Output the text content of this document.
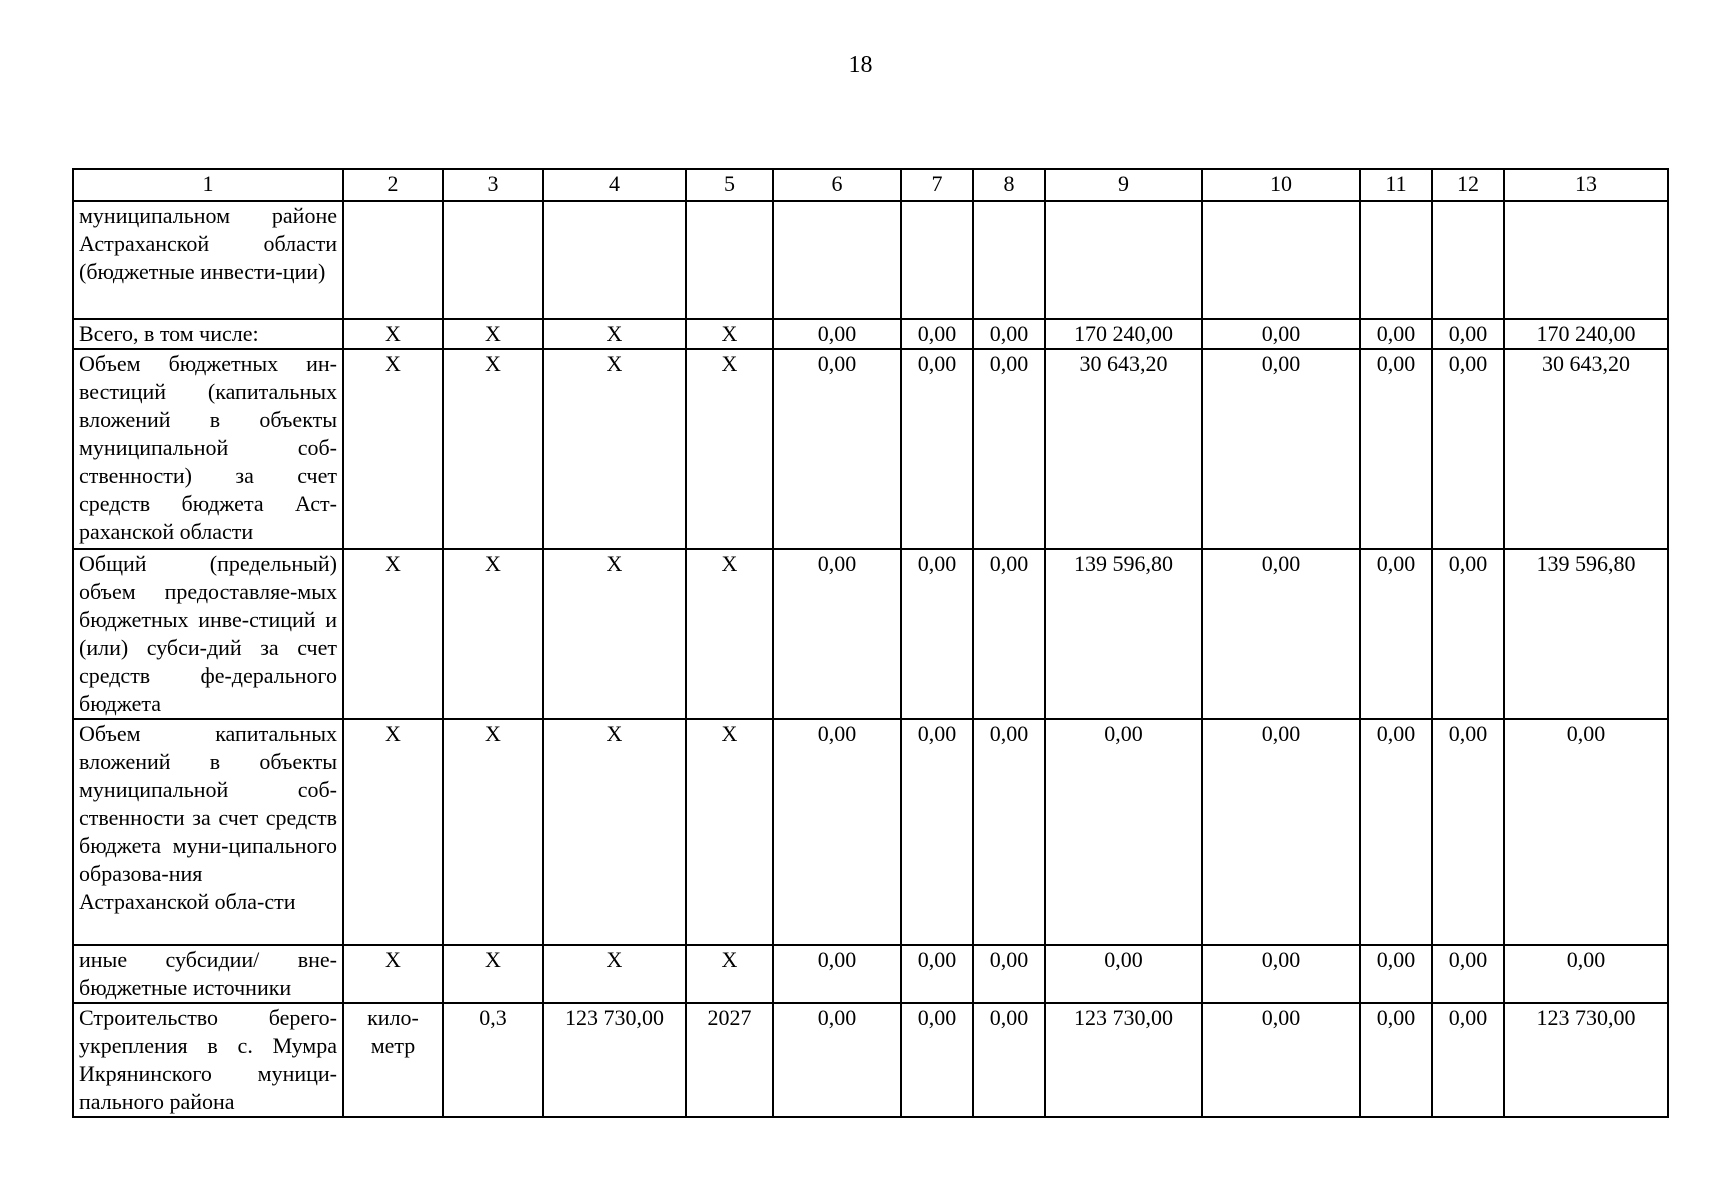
18
1	2	3	4	5	6	7	8	9	10	11	12	13
муниципальном районе Астраханской области (бюджетные инвести-ции)												
Всего, в том числе:	Х	Х	Х	Х	0,00	0,00	0,00	170 240,00	0,00	0,00	0,00	170 240,00
Объем бюджетных ин-вестиций (капитальных вложений в объекты муниципальной соб-ственности) за счет средств бюджета Аст-раханской области	Х	Х	Х	Х	0,00	0,00	0,00	30 643,20	0,00	0,00	0,00	30 643,20
Общий (предельный) объем предоставляе-мых бюджетных инве-стиций и (или) субси-дий за счет средств фе-дерального бюджета	Х	Х	Х	Х	0,00	0,00	0,00	139 596,80	0,00	0,00	0,00	139 596,80
Объем капитальных вложений в объекты муниципальной соб-ственности за счет средств бюджета муни-ципального образова-ния Астраханской обла-сти	Х	Х	Х	Х	0,00	0,00	0,00	0,00	0,00	0,00	0,00	0,00
иные субсидии/ вне-бюджетные источники	Х	Х	Х	Х	0,00	0,00	0,00	0,00	0,00	0,00	0,00	0,00
Строительство берего-укрепления в с. Мумра Икрянинского муници-пального района	кило-метр	0,3	123 730,00	2027	0,00	0,00	0,00	123 730,00	0,00	0,00	0,00	123 730,00
